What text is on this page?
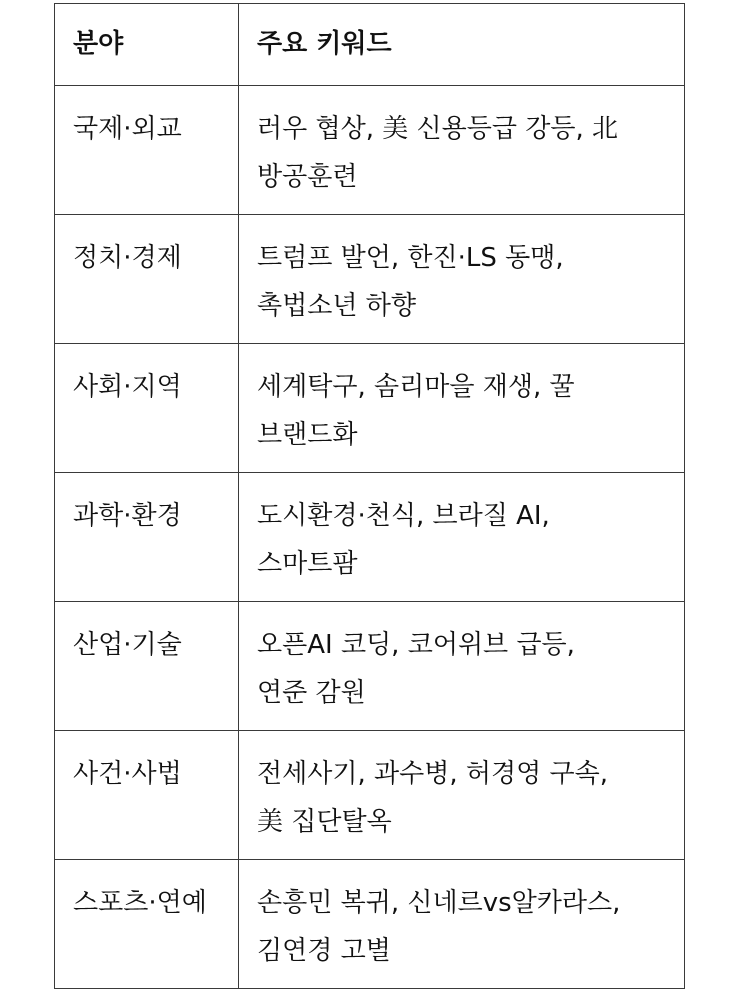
분야	주요 키워드
국제·외교	러우 협상, 美 신용등급 강등, 北
방공훈련

정치·경제	트럼프 발언, 한진·LS 동맹,
촉법소년 하향

사회·지역	세계탁구, 솜리마을 재생, 꿀
브랜드화

과학·환경	도시환경·천식, 브라질 AI,
스마트팜

산업·기술	오픈AI 코딩, 코어위브 급등,
연준 감원

사건·사법	전세사기, 과수병, 허경영 구속,
美 집단탈옥

스포츠·연예	손흥민 복귀, 신네르vs알카라스,
김연경 고별
